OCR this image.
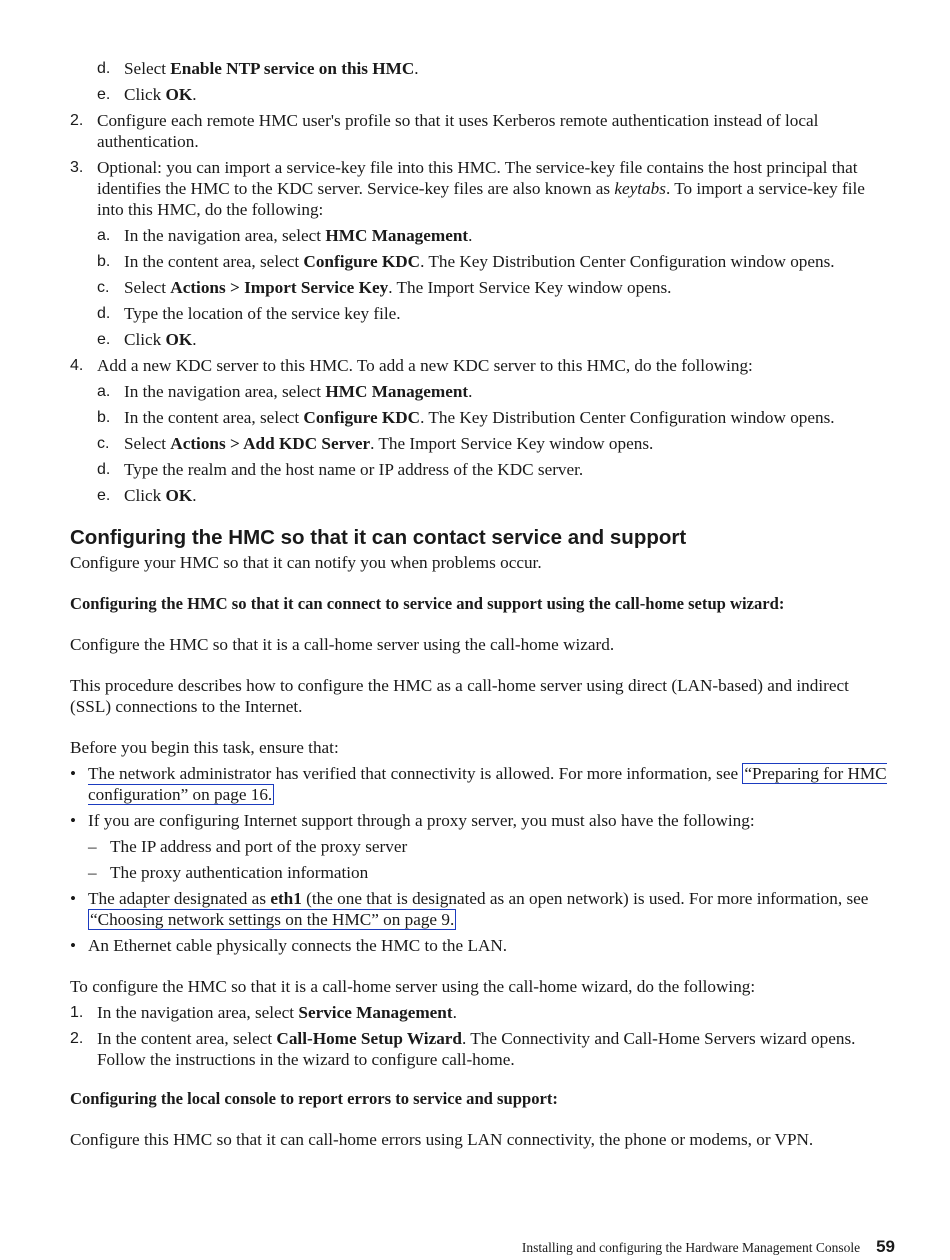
d. Select Enable NTP service on this HMC.
e. Click OK.
2. Configure each remote HMC user's profile so that it uses Kerberos remote authentication instead of local authentication.
3. Optional: you can import a service-key file into this HMC. The service-key file contains the host principal that identifies the HMC to the KDC server. Service-key files are also known as keytabs. To import a service-key file into this HMC, do the following:
a. In the navigation area, select HMC Management.
b. In the content area, select Configure KDC. The Key Distribution Center Configuration window opens.
c. Select Actions > Import Service Key. The Import Service Key window opens.
d. Type the location of the service key file.
e. Click OK.
4. Add a new KDC server to this HMC. To add a new KDC server to this HMC, do the following:
a. In the navigation area, select HMC Management.
b. In the content area, select Configure KDC. The Key Distribution Center Configuration window opens.
c. Select Actions > Add KDC Server. The Import Service Key window opens.
d. Type the realm and the host name or IP address of the KDC server.
e. Click OK.
Configuring the HMC so that it can contact service and support

Configure your HMC so that it can notify you when problems occur.

Configuring the HMC so that it can connect to service and support using the call-home setup wizard:

Configure the HMC so that it is a call-home server using the call-home wizard.

This procedure describes how to configure the HMC as a call-home server using direct (LAN-based) and indirect (SSL) connections to the Internet.

Before you begin this task, ensure that:

• The network administrator has verified that connectivity is allowed. For more information, see “Preparing for HMC configuration” on page 16.
• If you are configuring Internet support through a proxy server, you must also have the following:
– The IP address and port of the proxy server
– The proxy authentication information
• The adapter designated as eth1 (the one that is designated as an open network) is used. For more information, see “Choosing network settings on the HMC” on page 9.
• An Ethernet cable physically connects the HMC to the LAN.

To configure the HMC so that it is a call-home server using the call-home wizard, do the following:

1. In the navigation area, select Service Management.
2. In the content area, select Call-Home Setup Wizard. The Connectivity and Call-Home Servers wizard opens. Follow the instructions in the wizard to configure call-home.
Configuring the local console to report errors to service and support:

Configure this HMC so that it can call-home errors using LAN connectivity, the phone or modems, or VPN.

Installing and configuring the Hardware Management Console 59
